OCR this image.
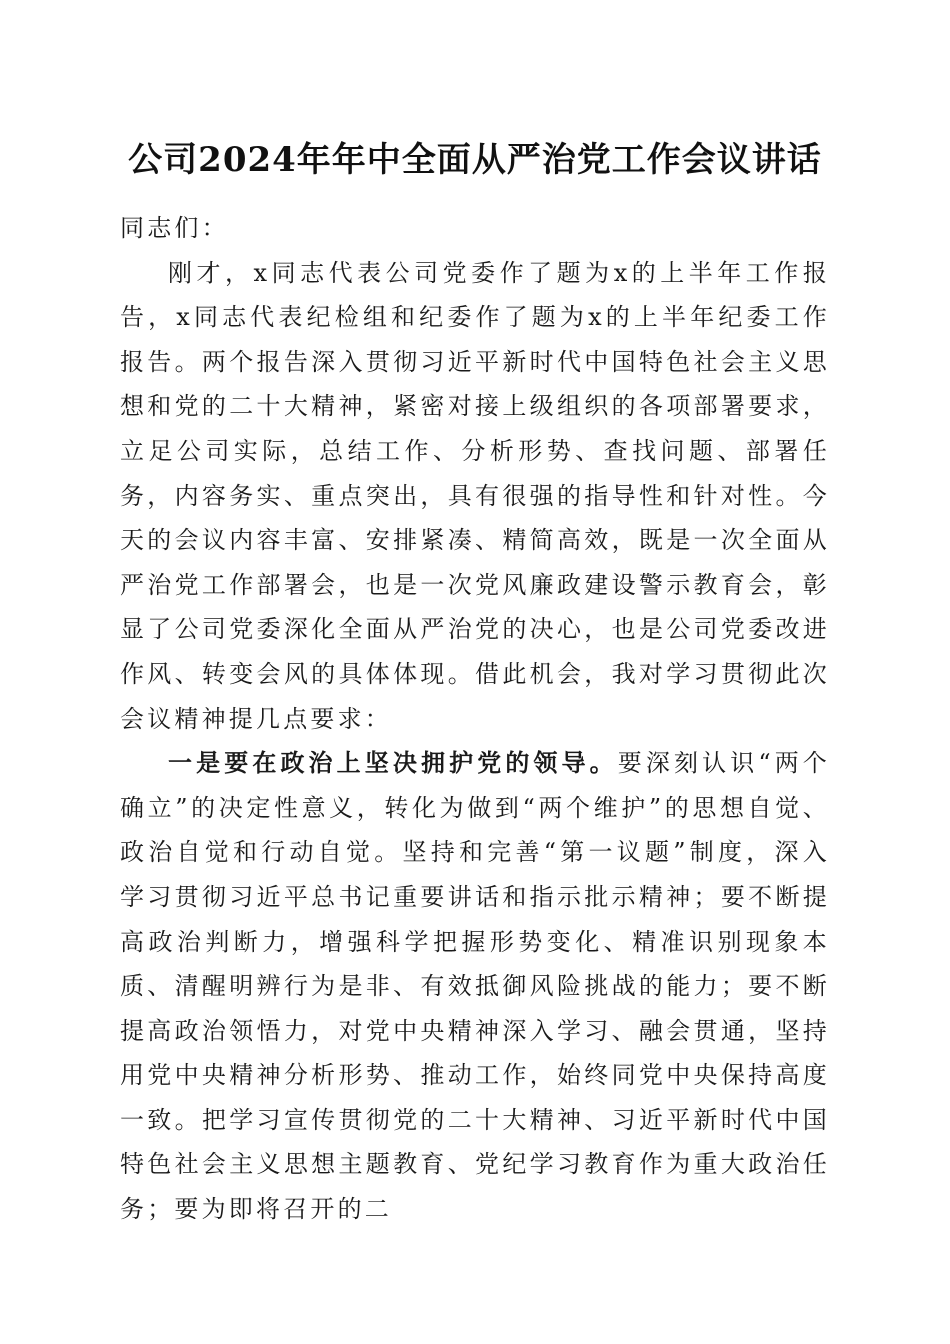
公司2024年年中全面从严治党工作会议讲话

同志们：

刚才，x同志代表公司党委作了题为x的上半年工作报告，x同志代表纪检组和纪委作了题为x的上半年纪委工作报告。两个报告深入贯彻习近平新时代中国特色社会主义思想和党的二十大精神，紧密对接上级组织的各项部署要求，立足公司实际，总结工作、分析形势、查找问题、部署任务，内容务实、重点突出，具有很强的指导性和针对性。今天的会议内容丰富、安排紧凑、精简高效，既是一次全面从严治党工作部署会，也是一次党风廉政建设警示教育会，彰显了公司党委深化全面从严治党的决心，也是公司党委改进作风、转变会风的具体体现。借此机会，我对学习贯彻此次会议精神提几点要求：

一是要在政治上坚决拥护党的领导。要深刻认识“两个确立”的决定性意义，转化为做到“两个维护”的思想自觉、政治自觉和行动自觉。坚持和完善“第一议题”制度，深入学习贯彻习近平总书记重要讲话和指示批示精神；要不断提高政治判断力，增强科学把握形势变化、精准识别现象本质、清醒明辨行为是非、有效抵御风险挑战的能力；要不断提高政治领悟力，对党中央精神深入学习、融会贯通，坚持用党中央精神分析形势、推动工作，始终同党中央保持高度一致。把学习宣传贯彻党的二十大精神、习近平新时代中国特色社会主义思想主题教育、党纪学习教育作为重大政治任务；要为即将召开的二
